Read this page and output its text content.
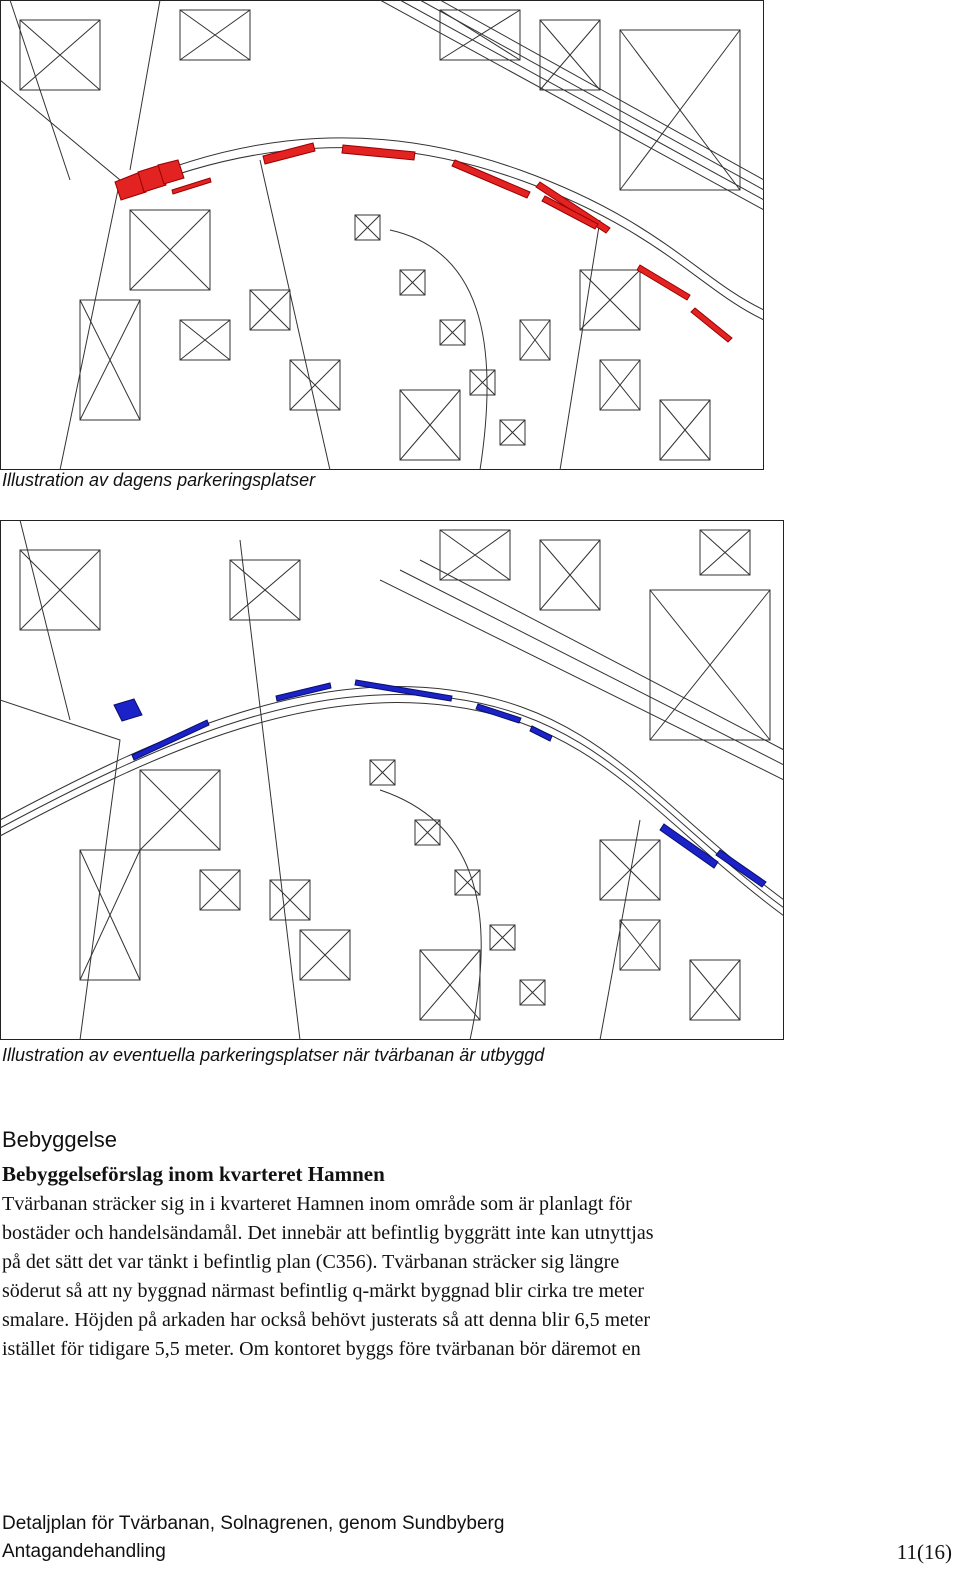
Illustration av dagens parkeringsplatser
Illustration av eventuella parkeringsplatser när tvärbanan är utbyggd
Bebyggelse
Bebyggelseförslag inom kvarteret Hamnen
Tvärbanan sträcker sig in i kvarteret Hamnen inom område som är planlagt för
bostäder och handelsändamål. Det innebär att befintlig byggrätt inte kan utnyttjas
på det sätt det var tänkt i befintlig plan (C356). Tvärbanan sträcker sig längre
söderut så att ny byggnad närmast befintlig q-märkt byggnad blir cirka tre meter
smalare. Höjden på arkaden har också behövt justerats så att denna blir 6,5 meter
istället för tidigare 5,5 meter. Om kontoret byggs före tvärbanan bör däremot en
Detaljplan för Tvärbanan, Solnagrenen, genom Sundbyberg
Antagandehandling	11(16)
